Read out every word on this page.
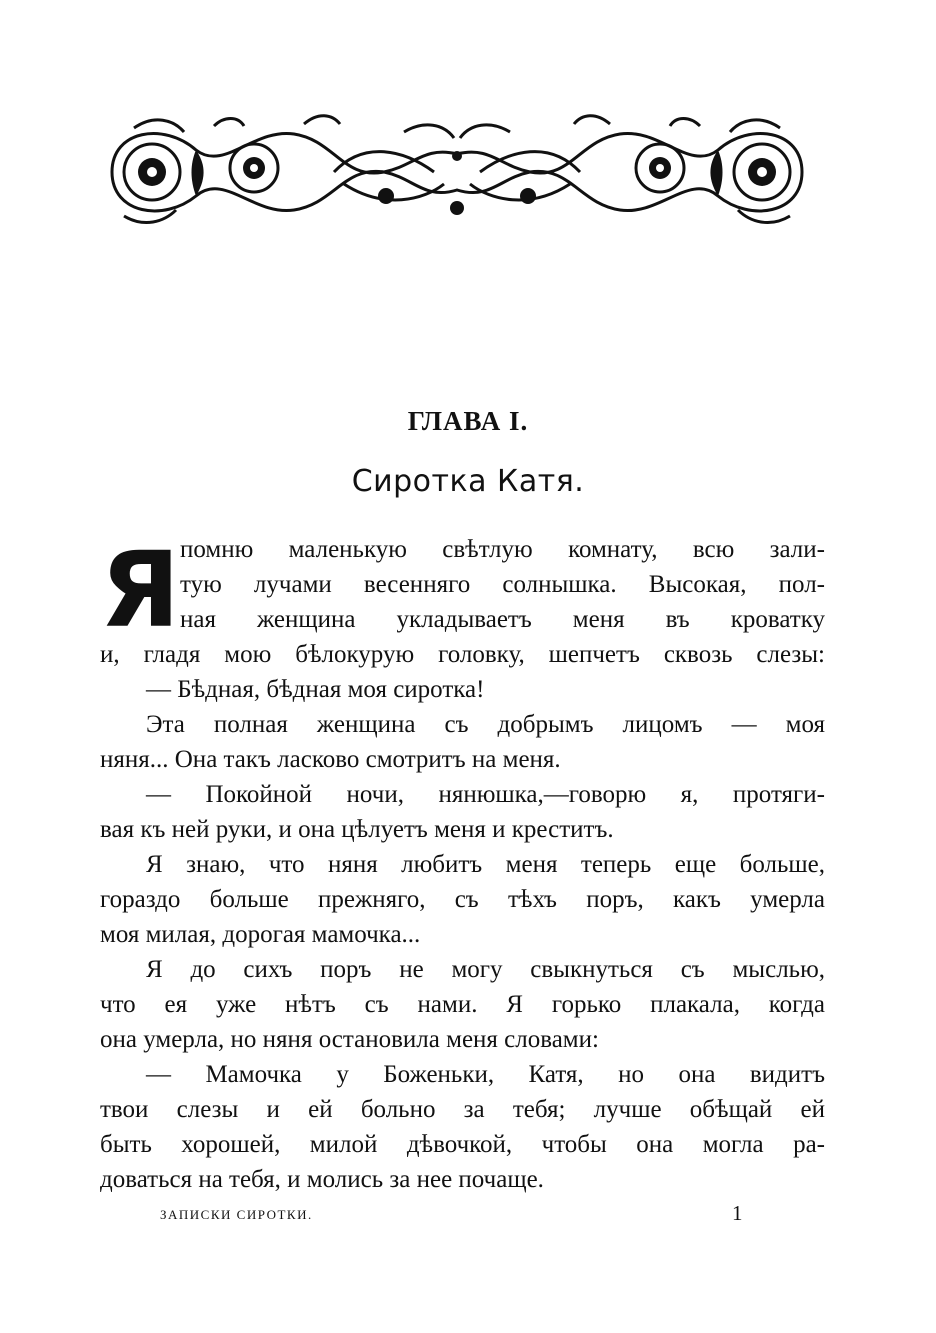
ГЛАВА I.
Сиротка Катя.
Я помню маленькую свѣтлую комнату, всю зали-
тую лучами весенняго солнышка. Высокая, пол-
ная женщина укладываетъ меня въ кроватку
и, гладя мою бѣлокурую головку, шепчетъ сквозь слезы:
— Бѣдная, бѣдная моя сиротка!
Эта полная женщина съ добрымъ лицомъ — моя
няня... Она такъ ласково смотритъ на меня.
— Покойной ночи, нянюшка,—говорю я, протяги-
вая къ ней руки, и она цѣлуетъ меня и креститъ.
Я знаю, что няня любитъ меня теперь еще больше,
гораздо больше прежняго, съ тѣхъ поръ, какъ умерла
моя милая, дорогая мамочка...
Я до сихъ поръ не могу свыкнуться съ мыслью,
что ея уже нѣтъ съ нами. Я горько плакала, когда
она умерла, но няня остановила меня словами:
— Мамочка у Боженьки, Катя, но она видитъ
твои слезы и ей больно за тебя; лучше обѣщай ей
быть хорошей, милой дѣвочкой, чтобы она могла ра-
доваться на тебя, и молись за нее почаще.
ЗАПИСКИ СИРОТКИ.	1
